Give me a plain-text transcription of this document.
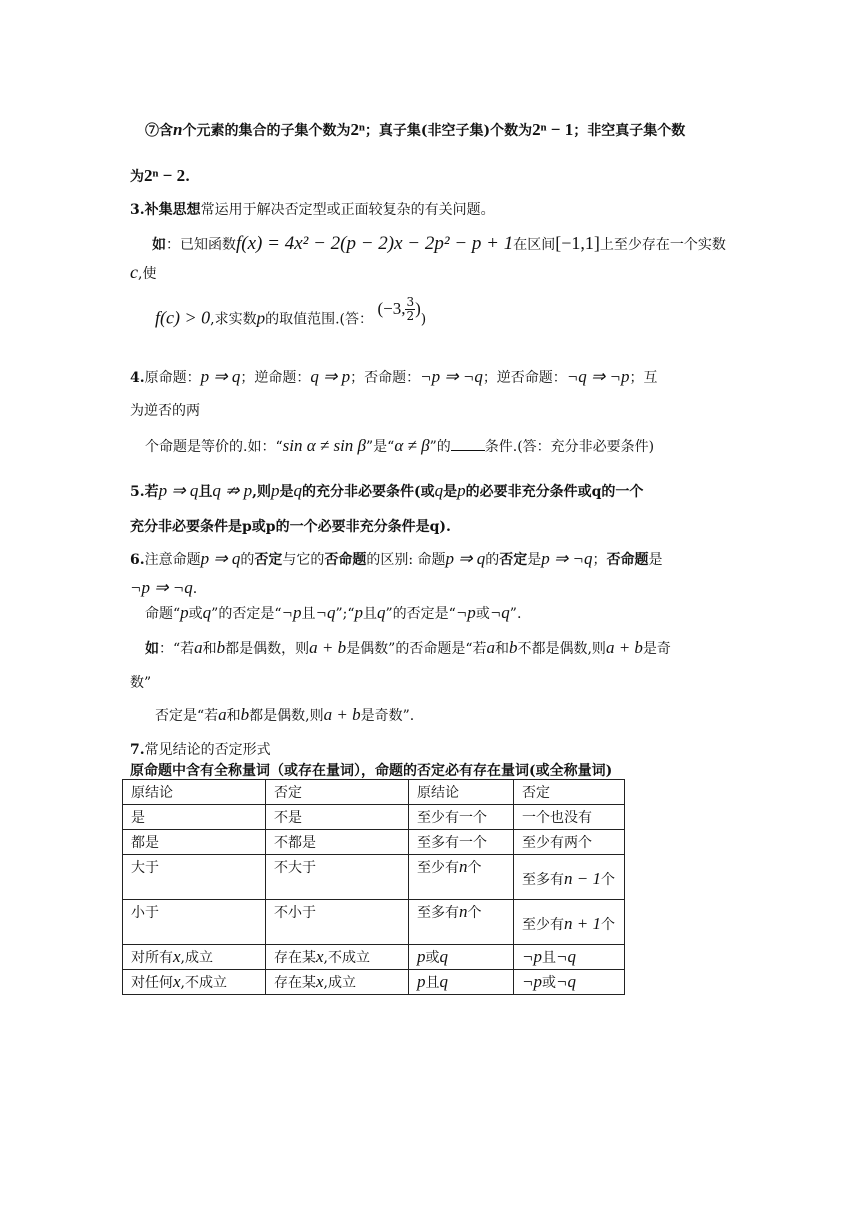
⑦含n个元素的集合的子集个数为2ⁿ；真子集(非空子集)个数为2ⁿ − 1；非空真子集个数
为2ⁿ − 2.
3.补集思想常运用于解决否定型或正面较复杂的有关问题。
如：已知函数f(x) = 4x² − 2(p − 2)x − 2p² − p + 1在区间[−1,1]上至少存在一个实数
c,使
f(c) > 0,求实数p的取值范围.(答： (−3, $\frac{3}{2}$ ))
4.原命题：p ⇒ q；逆命题：q ⇒ p；否命题：¬p ⇒ ¬q；逆否命题：¬q ⇒ ¬p；互
为逆否的两
个命题是等价的.如：“sin α ≠ sin β”是“α ≠ β”的 条件.(答：充分非必要条件)
5.若p ⇒ q且q ⇏ p,则p是q的充分非必要条件(或q是p的必要非充分条件或q的一个
充分非必要条件是p或p的一个必要非充分条件是q).
6.注意命题p ⇒ q的否定与它的否命题的区别: 命题p ⇒ q的否定是p ⇒ ¬q；否命题是
¬p ⇒ ¬q.
命题“p或q”的否定是“¬p且¬q”;“p且q”的否定是“¬p或¬q”.
如：“若a和b都是偶数，则a + b是偶数”的否命题是“若a和b不都是偶数,则a + b是奇
数”
否定是“若a和b都是偶数,则a + b是奇数”.
7.常见结论的否定形式
原命题中含有全称量词（或存在量词），命题的否定必有存在量词(或全称量词)
原结论	否定	原结论	否定
是	不是	至少有一个	一个也没有
都是	不都是	至多有一个	至少有两个
大于	不大于	至少有n个	至多有n − 1个

小于	不小于	至多有n个	至少有n + 1个

对所有x,成立	存在某x,不成立	p或q	¬p且¬q
对任何x,不成立	存在某x,成立	p且q	¬p或¬q
